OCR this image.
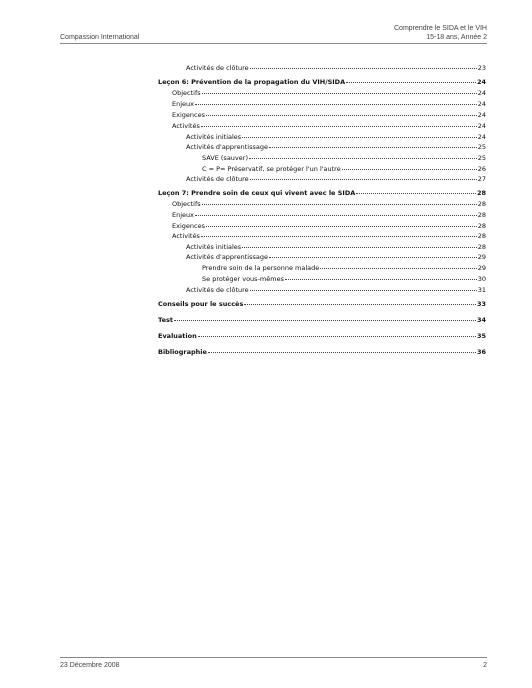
Compassion International
Comprendre le SIDA et le VIH
15-18 ans, Année 2
Activités de clôture	23
Leçon 6: Prévention de la propagation du VIH/SIDA	24
Objectifs	24
Enjeux	24
Exigences	24
Activités	24
Activités initiales	24
Activités d'apprentissage	25
SAVE (sauver)	25
C = P= Préservatif, se protéger l'un l'autre	26
Activités de clôture	27
Leçon 7: Prendre soin de ceux qui vivent avec le SIDA	28
Objectifs	28
Enjeux	28
Exigences	28
Activités	28
Activités initiales	28
Activités d'apprentissage	29
Prendre soin de la personne malade	29
Se protéger vous-mêmes	30
Activités de clôture	31
Conseils pour le succès	33
Test	34
Evaluation	35
Bibliographie	36
23 Décembre 2008	2
